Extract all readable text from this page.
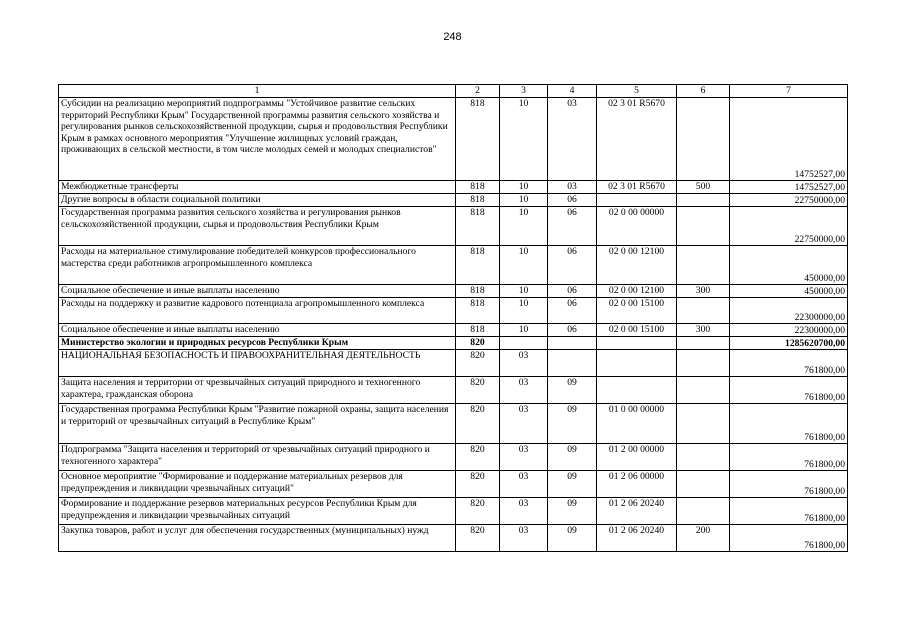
248
1	2	3	4	5	6	7
Субсидии на реализацию мероприятий подпрограммы "Устойчивое развитие сельских территорий Республики Крым" Государственной программы развития сельского хозяйства и регулирования рынков сельскохозяйственной продукции, сырья и продовольствия Республики Крым в рамках основного мероприятия "Улучшение жилищных условий граждан, проживающих в сельской местности, в том числе молодых семей и молодых специалистов"	818	10	03	02 3 01 R5670		14752527,00
Межбюджетные трансферты	818	10	03	02 3 01 R5670	500	14752527,00
Другие вопросы в области социальной политики	818	10	06			22750000,00
Государственная программа развития сельского хозяйства и регулирования рынков сельскохозяйственной продукции, сырья и продовольствия Республики Крым	818	10	06	02 0 00 00000		22750000,00
Расходы на материальное стимулирование победителей конкурсов профессионального мастерства среди работников агропромышленного комплекса	818	10	06	02 0 00 12100		450000,00
Социальное обеспечение и иные выплаты населению	818	10	06	02 0 00 12100	300	450000,00
Расходы на поддержку и развитие кадрового потенциала агропромышленного комплекса	818	10	06	02 0 00 15100		22300000,00
Социальное обеспечение и иные выплаты населению	818	10	06	02 0 00 15100	300	22300000,00
Министерство экологии и природных ресурсов Республики Крым	820					1285620700,00
НАЦИОНАЛЬНАЯ БЕЗОПАСНОСТЬ И ПРАВООХРАНИТЕЛЬНАЯ ДЕЯТЕЛЬНОСТЬ	820	03				761800,00
Защита населения и территории от чрезвычайных ситуаций природного и техногенного характера, гражданская оборона	820	03	09			761800,00
Государственная программа Республики Крым "Развитие пожарной охраны, защита населения и территорий от чрезвычайных ситуаций в Республике Крым"	820	03	09	01 0 00 00000		761800,00
Подпрограмма "Защита населения и территорий от чрезвычайных ситуаций природного и техногенного характера"	820	03	09	01 2 00 00000		761800,00
Основное мероприятие "Формирование и поддержание материальных резервов для предупреждения и ликвидации чрезвычайных ситуаций"	820	03	09	01 2 06 00000		761800,00
Формирование и поддержание резервов материальных ресурсов Республики Крым для предупреждения и ликвидации чрезвычайных ситуаций	820	03	09	01 2 06 20240		761800,00
Закупка товаров, работ и услуг для обеспечения государственных (муниципальных) нужд	820	03	09	01 2 06 20240	200	761800,00
